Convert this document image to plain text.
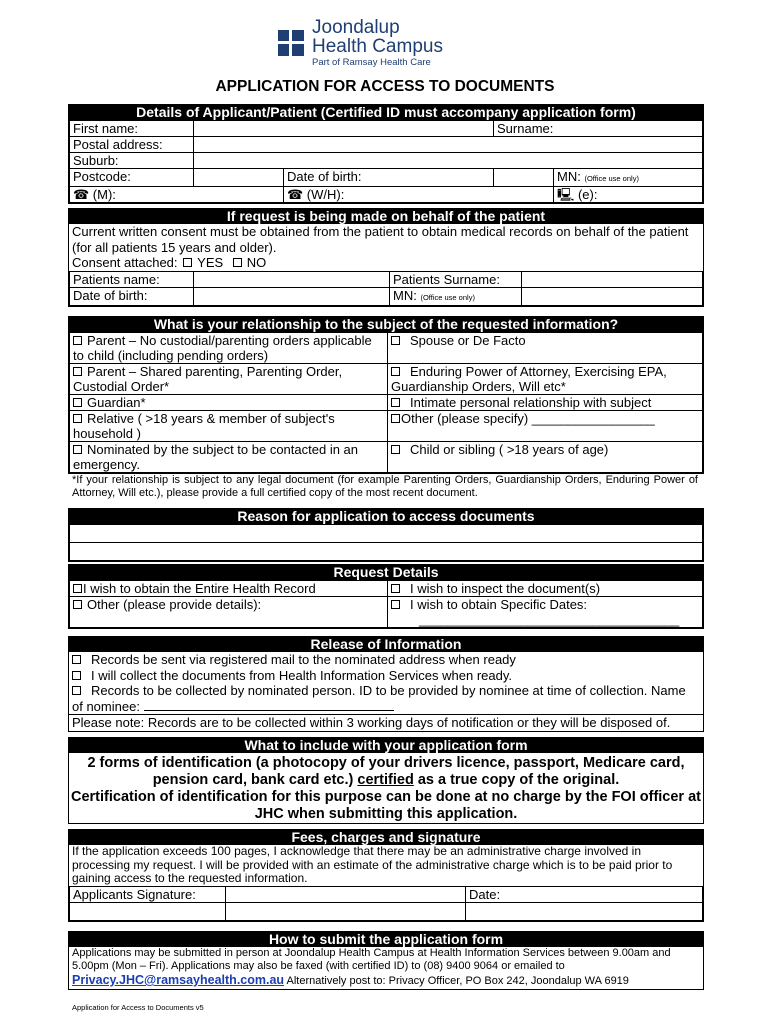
Joondalup
Health Campus
Part of Ramsay Health Care
APPLICATION FOR ACCESS TO DOCUMENTS
Details of Applicant/Patient (Certified ID must accompany application form)
First name:			Surname:	
Postal address:				
Suburb:				
Postcode:		Date of birth:		MN: (Office use only)
☎ (M):		☎ (W/H):		🖳 (e):
If request is being made on behalf of the patient
Current written consent must be obtained from the patient to obtain medical records on behalf of the patient (for all patients 15 years and older).
Consent attached: YES NO
Patients name:		Patients Surname:	
Date of birth:		MN: (Office use only)	
What is your relationship to the subject of the requested information?
Parent – No custodial/parenting orders applicable to child (including pending orders)	Spouse or De Facto
Parent – Shared parenting, Parenting Order, Custodial Order*	Enduring Power of Attorney, Exercising EPA, Guardianship Orders, Will etc*
Guardian*	Intimate personal relationship with subject
Relative ( >18 years & member of subject's household )	Other (please specify) _________________
Nominated by the subject to be contacted in an emergency.	Child or sibling ( >18 years of age)
*If your relationship is subject to any legal document (for example Parenting Orders, Guardianship Orders, Enduring Power of Attorney, Will etc.), please provide a full certified copy of the most recent document.
Reason for application to access documents

Request Details
I wish to obtain the Entire Health Record	I wish to inspect the document(s)
Other (please provide details):	I wish to obtain Specific Dates:
____________________________________
Release of Information
Records be sent via registered mail to the nominated address when ready
I will collect the documents from Health Information Services when ready.
Records to be collected by nominated person. ID to be provided by nominee at time of collection. Name of nominee:
Please note: Records are to be collected within 3 working days of notification or they will be disposed of.
What to include with your application form
2 forms of identification (a photocopy of your drivers licence, passport, Medicare card, pension card, bank card etc.) certified as a true copy of the original.
Certification of identification for this purpose can be done at no charge by the FOI officer at JHC when submitting this application.
Fees, charges and signature
If the application exceeds 100 pages, I acknowledge that there may be an administrative charge involved in processing my request. I will be provided with an estimate of the administrative charge which is to be paid prior to gaining access to the requested information.
Applicants Signature:		Date:

How to submit the application form
Applications may be submitted in person at Joondalup Health Campus at Health Information Services between 9.00am and 5.00pm (Mon – Fri). Applications may also be faxed (with certified ID) to (08) 9400 9064 or emailed to
Privacy.JHC@ramsayhealth.com.au Alternatively post to: Privacy Officer, PO Box 242, Joondalup WA 6919
Application for Access to Documents v5
